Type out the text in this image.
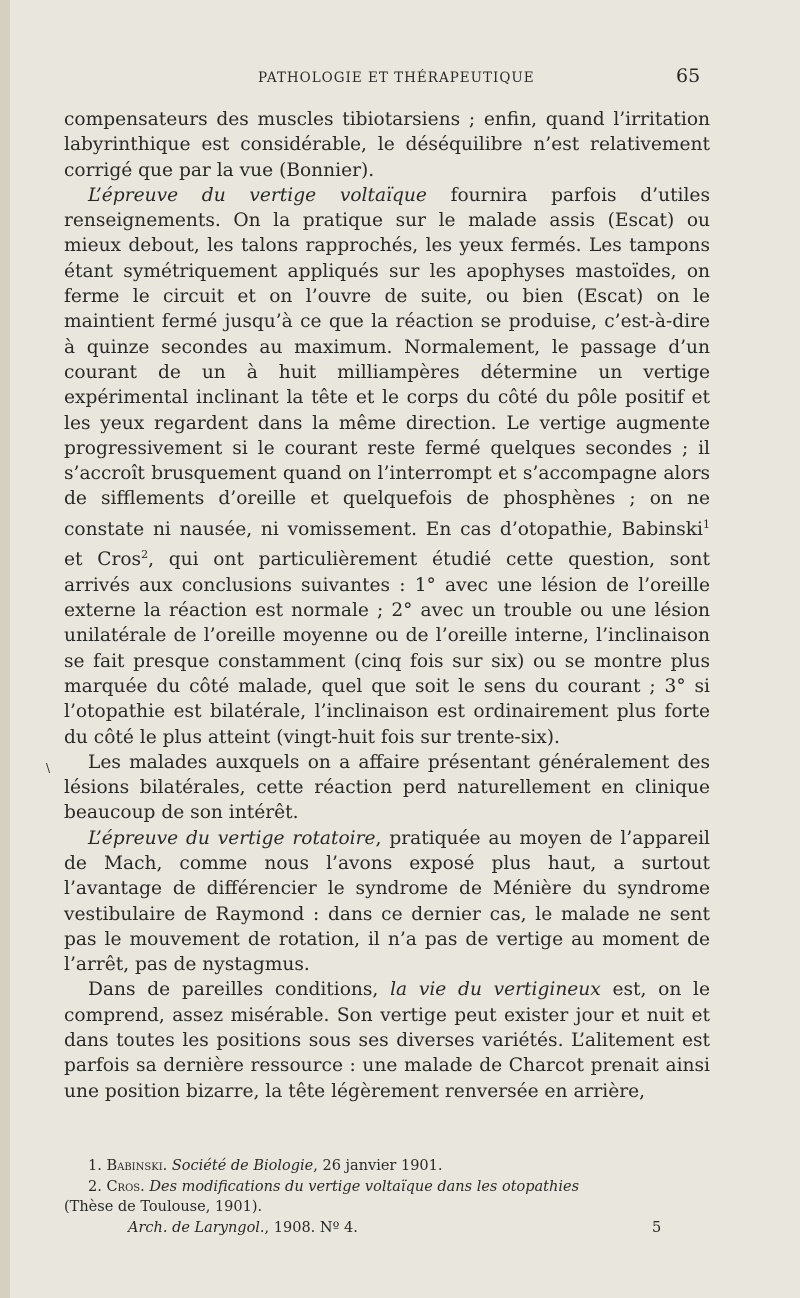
PATHOLOGIE ET THÉRAPEUTIQUE	65
\

compensateurs des muscles tibiotarsiens ; enfin, quand l’irritation labyrinthique est considérable, le déséquilibre n’est relativement corrigé que par la vue (Bonnier).

L’épreuve du vertige voltaïque fournira parfois d’utiles renseignements. On la pratique sur le malade assis (Escat) ou mieux debout, les talons rapprochés, les yeux fermés. Les tampons étant symétriquement appliqués sur les apophyses mastoïdes, on ferme le circuit et on l’ouvre de suite, ou bien (Escat) on le maintient fermé jusqu’à ce que la réaction se produise, c’est-à-dire à quinze secondes au maximum. Normalement, le passage d’un courant de un à huit milliampères détermine un vertige expérimental inclinant la tête et le corps du côté du pôle positif et les yeux regardent dans la même direction. Le vertige augmente progressivement si le courant reste fermé quelques secondes ; il s’accroît brusquement quand on l’interrompt et s’accompagne alors de sifflements d’oreille et quelquefois de phosphènes ; on ne constate ni nausée, ni vomissement. En cas d’otopathie, Babinski$^1$ et Cros$^2$, qui ont particulièrement étudié cette question, sont arrivés aux conclusions suivantes : 1° avec une lésion de l’oreille externe la réaction est normale ; 2° avec un trouble ou une lésion unilatérale de l’oreille moyenne ou de l’oreille interne, l’inclinaison se fait presque constamment (cinq fois sur six) ou se montre plus marquée du côté malade, quel que soit le sens du courant ; 3° si l’otopathie est bilatérale, l’inclinaison est ordinairement plus forte du côté le plus atteint (vingt-huit fois sur trente-six).

Les malades auxquels on a affaire présentant généralement des lésions bilatérales, cette réaction perd naturellement en clinique beaucoup de son intérêt.

L’épreuve du vertige rotatoire, pratiquée au moyen de l’appareil de Mach, comme nous l’avons exposé plus haut, a surtout l’avantage de différencier le syndrome de Ménière du syndrome vestibulaire de Raymond : dans ce dernier cas, le malade ne sent pas le mouvement de rotation, il n’a pas de vertige au moment de l’arrêt, pas de nystagmus.

Dans de pareilles conditions, la vie du vertigineux est, on le comprend, assez misérable. Son vertige peut exister jour et nuit et dans toutes les positions sous ses diverses variétés. L’alitement est parfois sa dernière ressource : une malade de Charcot prenait ainsi une position bizarre, la tête légèrement renversée en arrière,

1. Babinski. Société de Biologie, 26 janvier 1901.

2. Cros. Des modifications du vertige voltaïque dans les otopathies

(Thèse de Toulouse, 1901).

Arch. de Laryngol., 1908. Nº 4.	5
